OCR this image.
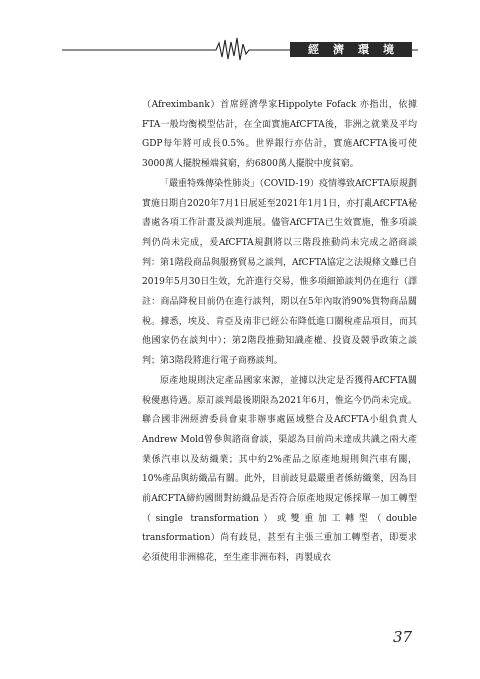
經濟環境

（Afreximbank）首席經濟學家Hippolyte Fofack 亦指出，依據FTA一般均衡模型估計，在全面實施AfCFTA後，非洲之就業及平均GDP每年將可成長0.5%。世界銀行亦估計，實施AfCFTA後可使3000萬人擺脫極端貧窮，約6800萬人擺脫中度貧窮。

「嚴重特殊傳染性肺炎」（COVID-19）疫情導致AfCFTA原規劃實施日期自2020年7月1日展延至2021年1月1日，亦打亂AfCFTA秘書處各項工作計畫及談判進展。儘管AfCFTA已生效實施，惟多項談判仍尚未完成，爰AfCFTA規劃將以三階段推動尚未完成之諮商談判：第1階段商品與服務貿易之談判，AfCFTA協定之法規條文雖已自2019年5月30日生效，允許進行交易，惟多項細節談判仍在進行（譯註：商品降稅目前仍在進行談判，期以在5年內取消90%貨物商品關稅。據悉，埃及、肯亞及南非已經公布降低進口關稅產品項目，而其他國家仍在談判中）；第2階段推動知識產權、投資及競爭政策之談判；第3階段將進行電子商務談判。

原產地規則決定產品國家來源，並據以決定是否獲得AfCFTA關稅優惠待遇。原訂談判最後期限為2021年6月，惟迄今仍尚未完成。聯合國非洲經濟委員會東非辦事處區域整合及AfCFTA小組負責人Andrew Mold曾參與諮商會談，渠認為目前尚未達成共識之兩大產業係汽車以及紡織業；其中約2%產品之原產地規則與汽車有關，10%產品與紡織品有關。此外，目前歧見最嚴重者係紡織業，因為目前AfCFTA締約國間對紡織品是否符合原產地規定係採單一加工轉型（single transformation）或雙重加工轉型（double transformation）尚有歧見，甚至有主張三重加工轉型者，即要求必須使用非洲棉花，至生產非洲布料，再製成衣

37
